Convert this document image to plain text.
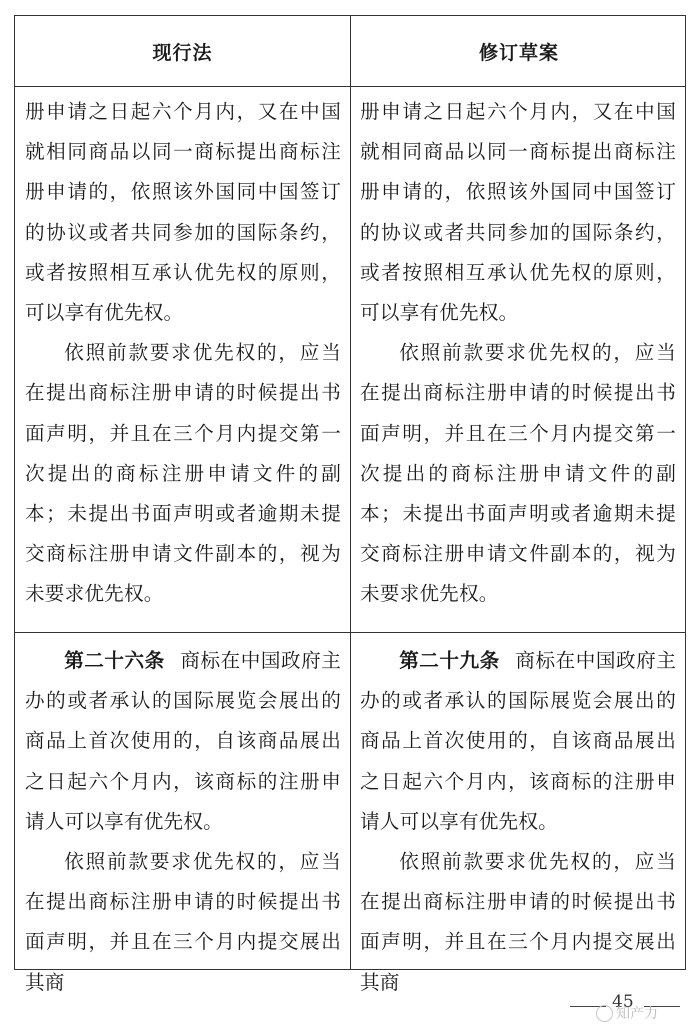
现行法	修订草案

册申请之日起六个月内，又在中国就相同商品以同一商标提出商标注册申请的，依照该外国同中国签订的协议或者共同参加的国际条约，或者按照相互承认优先权的原则，可以享有优先权。

依照前款要求优先权的，应当在提出商标注册申请的时候提出书面声明，并且在三个月内提交第一次提出的商标注册申请文件的副本；未提出书面声明或者逾期未提交商标注册申请文件副本的，视为未要求优先权。

册申请之日起六个月内，又在中国就相同商品以同一商标提出商标注册申请的，依照该外国同中国签订的协议或者共同参加的国际条约，或者按照相互承认优先权的原则，可以享有优先权。

依照前款要求优先权的，应当在提出商标注册申请的时候提出书面声明，并且在三个月内提交第一次提出的商标注册申请文件的副本；未提出书面声明或者逾期未提交商标注册申请文件副本的，视为未要求优先权。

第二十六条 商标在中国政府主办的或者承认的国际展览会展出的商品上首次使用的，自该商品展出之日起六个月内，该商标的注册申请人可以享有优先权。

依照前款要求优先权的，应当在提出商标注册申请的时候提出书面声明，并且在三个月内提交展出其商

第二十九条 商标在中国政府主办的或者承认的国际展览会展出的商品上首次使用的，自该商品展出之日起六个月内，该商标的注册申请人可以享有优先权。

依照前款要求优先权的，应当在提出商标注册申请的时候提出书面声明，并且在三个月内提交展出其商

45
知产力
